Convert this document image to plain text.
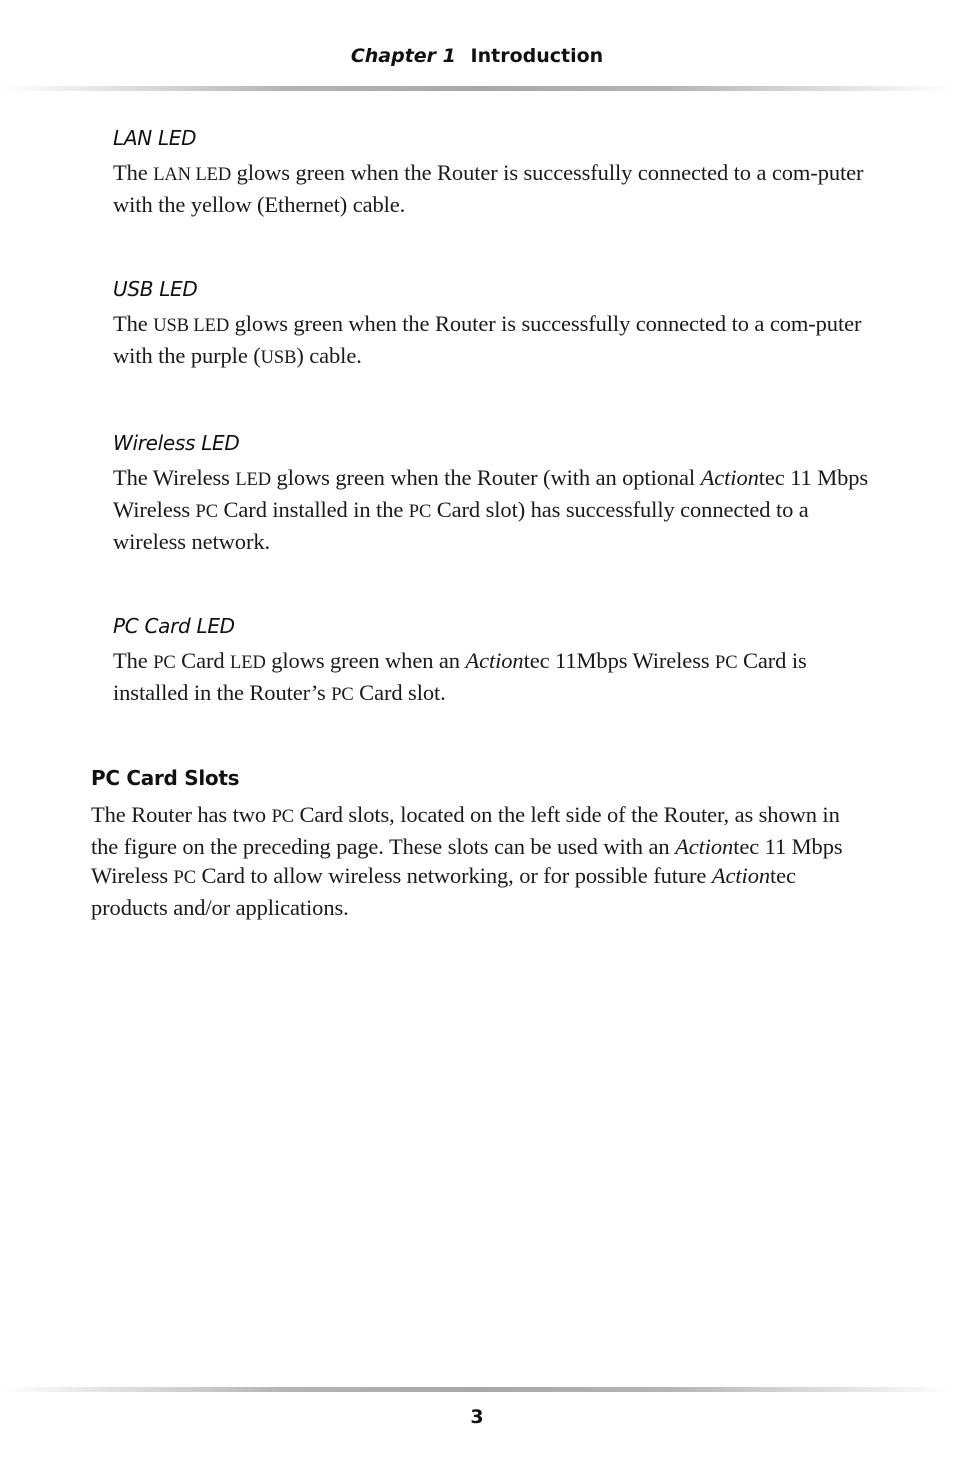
Chapter 1 Introduction
LAN LED

The LAN LED glows green when the Router is successfully connected to a com-puter with the yellow (Ethernet) cable.

USB LED

The USB LED glows green when the Router is successfully connected to a com-puter with the purple (USB) cable.

Wireless LED

The Wireless LED glows green when the Router (with an optional Actiontec 11 Mbps Wireless PC Card installed in the PC Card slot) has successfully connected to a wireless network.

PC Card LED

The PC Card LED glows green when an Actiontec 11Mbps Wireless PC Card is installed in the Router’s PC Card slot.

PC Card Slots

The Router has two PC Card slots, located on the left side of the Router, as shown in the figure on the preceding page. These slots can be used with an Actiontec 11 Mbps Wireless PC Card to allow wireless networking, or for possible future Actiontec products and/or applications.

3
